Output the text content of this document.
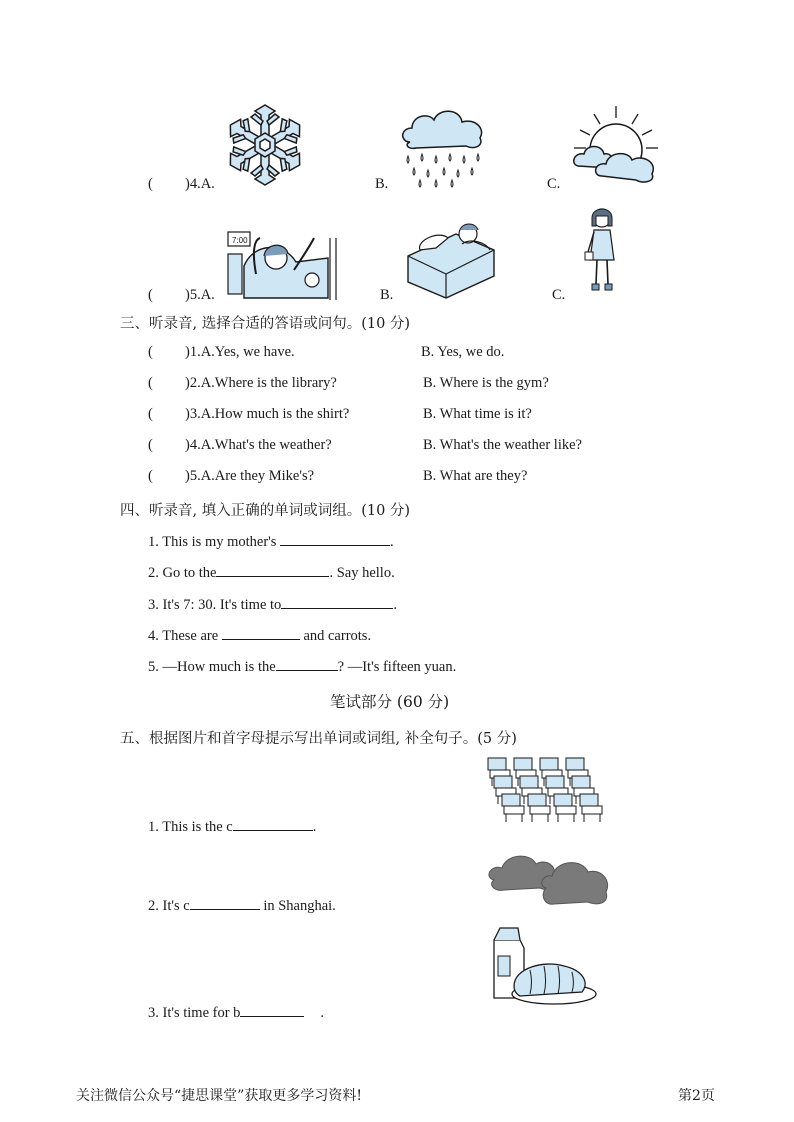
( )4.A.	B.	C.
( )5.A.	B.	C.
7:00
三、听录音, 选择合适的答语或问句。(10 分)
( )1.A.Yes, we have.	B. Yes, we do.
( )2.A.Where is the library?	B. Where is the gym?
( )3.A.How much is the shirt?	B. What time is it?
( )4.A.What's the weather?	B. What's the weather like?
( )5.A.Are they Mike's?	B. What are they?
四、听录音, 填入正确的单词或词组。(10 分)
1. This is my mother's	.
2. Go to the	. Say hello.
3. It's 7: 30. It's time to	.
4. These are	and carrots.
5. —How much is the	? —It's fifteen yuan.
笔试部分 (60 分)
五、根据图片和首字母提示写出单词或词组, 补全句子。(5 分)
1. This is the c	.
2. It's c	in Shanghai.
3. It's time for b	.
关注微信公众号“捷思课堂”获取更多学习资料!	第2页
